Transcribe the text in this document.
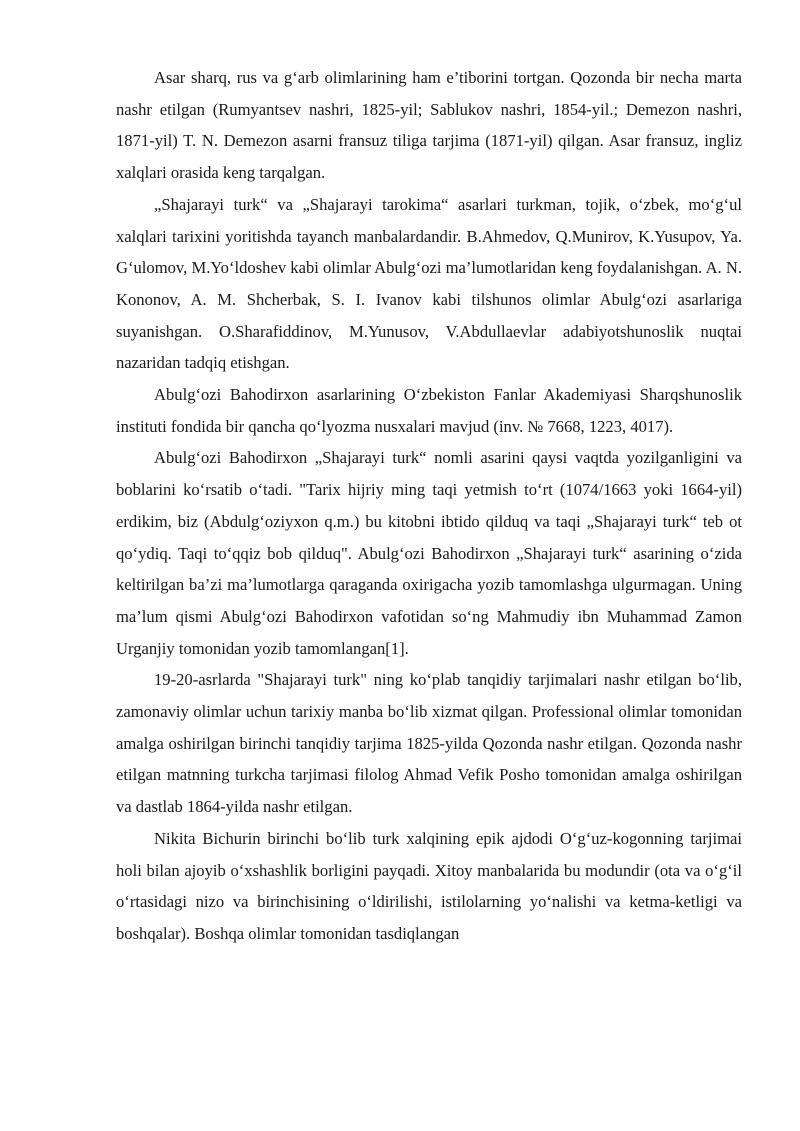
Asar sharq, rus va g‘arb olimlarining ham e’tiborini tortgan. Qozonda bir necha marta nashr etilgan (Rumyantsev nashri, 1825-yil; Sablukov nashri, 1854-yil.; Demezon nashri, 1871-yil) T. N. Demezon asarni fransuz tiliga tarjima (1871-yil) qilgan. Asar fransuz, ingliz xalqlari orasida keng tarqalgan.

„Shajarayi turk“ va „Shajarayi tarokima“ asarlari turkman, tojik, o‘zbek, mo‘g‘ul xalqlari tarixini yoritishda tayanch manbalardandir. B.Ahmedov, Q.Munirov, K.Yusupov, Ya. G‘ulomov, M.Yo‘ldoshev kabi olimlar Abulg‘ozi ma’lumotlaridan keng foydalanishgan. A. N. Kononov, A. M. Shcherbak, S. I. Ivanov kabi tilshunos olimlar Abulg‘ozi asarlariga suyanishgan. O.Sharafiddinov, M.Yunusov, V.Abdullaevlar adabiyotshunoslik nuqtai nazaridan tadqiq etishgan.

Abulg‘ozi Bahodirxon asarlarining O‘zbekiston Fanlar Akademiyasi Sharqshunoslik instituti fondida bir qancha qo‘lyozma nusxalari mavjud (inv. № 7668, 1223, 4017).

Abulg‘ozi Bahodirxon „Shajarayi turk“ nomli asarini qaysi vaqtda yozilganligini va boblarini ko‘rsatib o‘tadi. "Tarix hijriy ming taqi yetmish to‘rt (1074/1663 yoki 1664-yil) erdikim, biz (Abdulg‘oziyxon q.m.) bu kitobni ibtido qilduq va taqi „Shajarayi turk“ teb ot qo‘ydiq. Taqi to‘qqiz bob qilduq". Abulg‘ozi Bahodirxon „Shajarayi turk“ asarining o‘zida keltirilgan ba’zi ma’lumotlarga qaraganda oxirigacha yozib tamomlashga ulgurmagan. Uning ma’lum qismi Abulg‘ozi Bahodirxon vafotidan so‘ng Mahmudiy ibn Muhammad Zamon Urganjiy tomonidan yozib tamomlangan[1].

19-20-asrlarda "Shajarayi turk" ning ko‘plab tanqidiy tarjimalari nashr etilgan bo‘lib, zamonaviy olimlar uchun tarixiy manba bo‘lib xizmat qilgan. Professional olimlar tomonidan amalga oshirilgan birinchi tanqidiy tarjima 1825-yilda Qozonda nashr etilgan. Qozonda nashr etilgan matnning turkcha tarjimasi filolog Ahmad Vefik Posho tomonidan amalga oshirilgan va dastlab 1864-yilda nashr etilgan.

Nikita Bichurin birinchi bo‘lib turk xalqining epik ajdodi O‘g‘uz-kogonning tarjimai holi bilan ajoyib o‘xshashlik borligini payqadi. Xitoy manbalarida bu modundir (ota va o‘g‘il o‘rtasidagi nizo va birinchisining o‘ldirilishi, istilolarning yo‘nalishi va ketma-ketligi va boshqalar). Boshqa olimlar tomonidan tasdiqlangan
